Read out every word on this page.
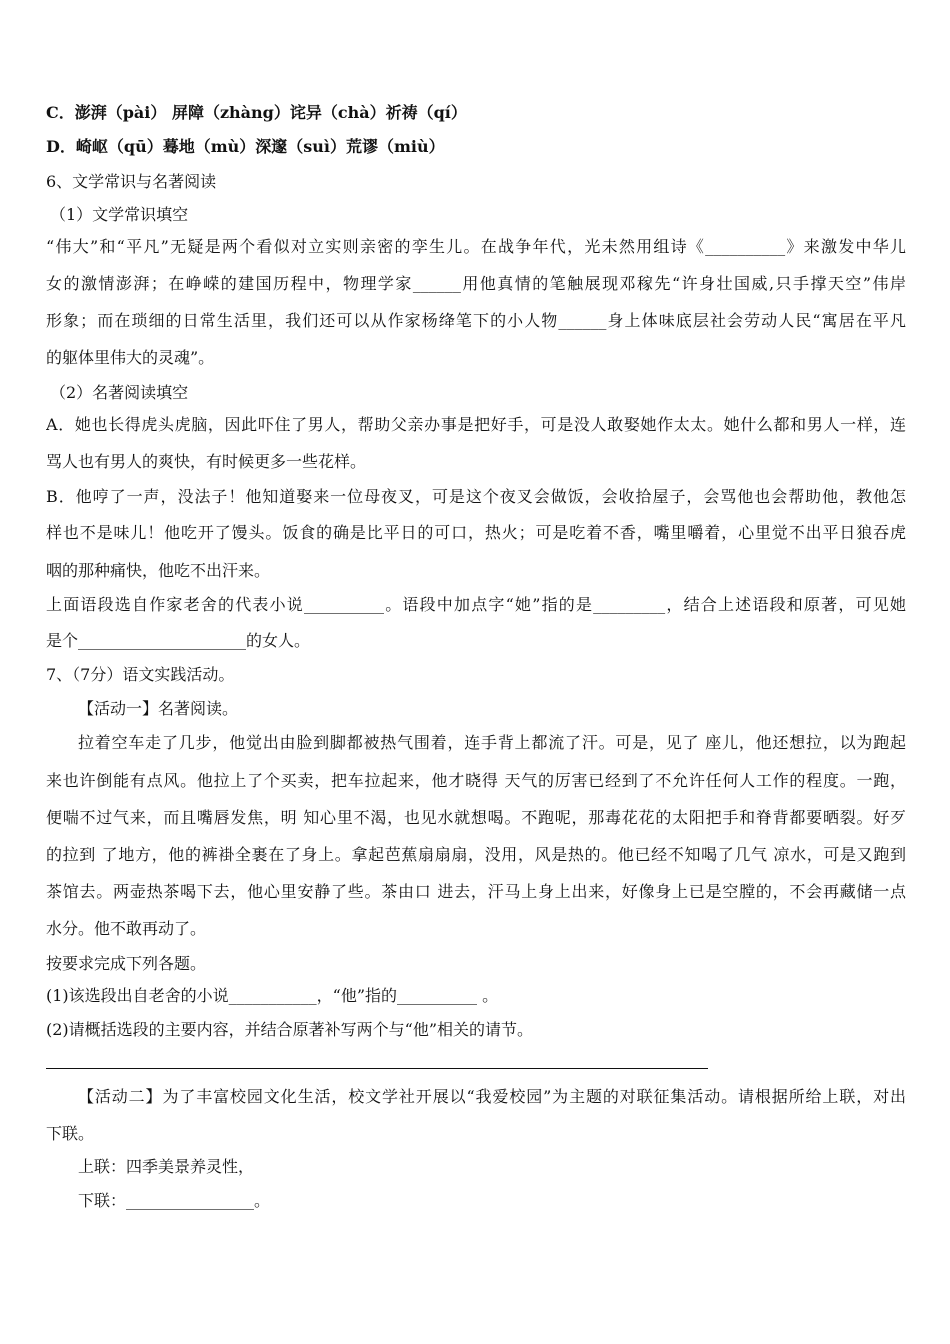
C．澎湃（pài） 屏障（zhàng）诧异（chà）祈祷（qí）
D．崎岖（qū）蓦地（mù）深邃（suì）荒谬（miù）
6、文学常识与名著阅读
（1）文学常识填空
“伟大”和“平凡”无疑是两个看似对立实则亲密的孪生儿。在战争年代，光未然用组诗《__________》来激发中华儿
女的激情澎湃；在峥嵘的建国历程中，物理学家______用他真情的笔触展现邓稼先“许身壮国威,只手撑天空”伟岸
形象；而在琐细的日常生活里，我们还可以从作家杨绛笔下的小人物______身上体味底层社会劳动人民“寓居在平凡
的躯体里伟大的灵魂”。
（2）名著阅读填空
A．她也长得虎头虎脑，因此吓住了男人，帮助父亲办事是把好手，可是没人敢娶她作太太。她什么都和男人一样，连
骂人也有男人的爽快，有时候更多一些花样。
B．他哼了一声，没法子！他知道娶来一位母夜叉，可是这个夜叉会做饭，会收拾屋子，会骂他也会帮助他，教他怎
样也不是味儿！他吃开了馒头。饭食的确是比平日的可口，热火；可是吃着不香，嘴里嚼着，心里觉不出平日狼吞虎
咽的那种痛快，他吃不出汗来。
上面语段选自作家老舍的代表小说__________。语段中加点字“她”指的是_________，结合上述语段和原著，可见她
是个_____________________的女人。
7、（7分）语文实践活动。
【活动一】名著阅读。
拉着空车走了几步，他觉出由脸到脚都被热气围着，连手背上都流了汗。可是，见了 座儿，他还想拉，以为跑起
来也许倒能有点风。他拉上了个买卖，把车拉起来，他才晓得 天气的厉害已经到了不允许任何人工作的程度。一跑，
便喘不过气来，而且嘴唇发焦，明 知心里不渴，也见水就想喝。不跑呢，那毒花花的太阳把手和脊背都要晒裂。好歹
的拉到 了地方，他的裤褂全裹在了身上。拿起芭蕉扇扇扇，没用，风是热的。他已经不知喝了几气 凉水，可是又跑到
茶馆去。两壶热茶喝下去，他心里安静了些。茶由口 进去，汗马上身上出来，好像身上已是空膛的，不会再藏储一点
水分。他不敢再动了。
按要求完成下列各题。
(1)该选段出自老舍的小说___________，“他”指的__________ 。
(2)请概括选段的主要内容，并结合原著补写两个与“他”相关的请节。
【活动二】为了丰富校园文化生活，校文学社开展以“我爱校园”为主题的对联征集活动。请根据所给上联，对出
下联。
上联：四季美景养灵性，
下联：________________。
